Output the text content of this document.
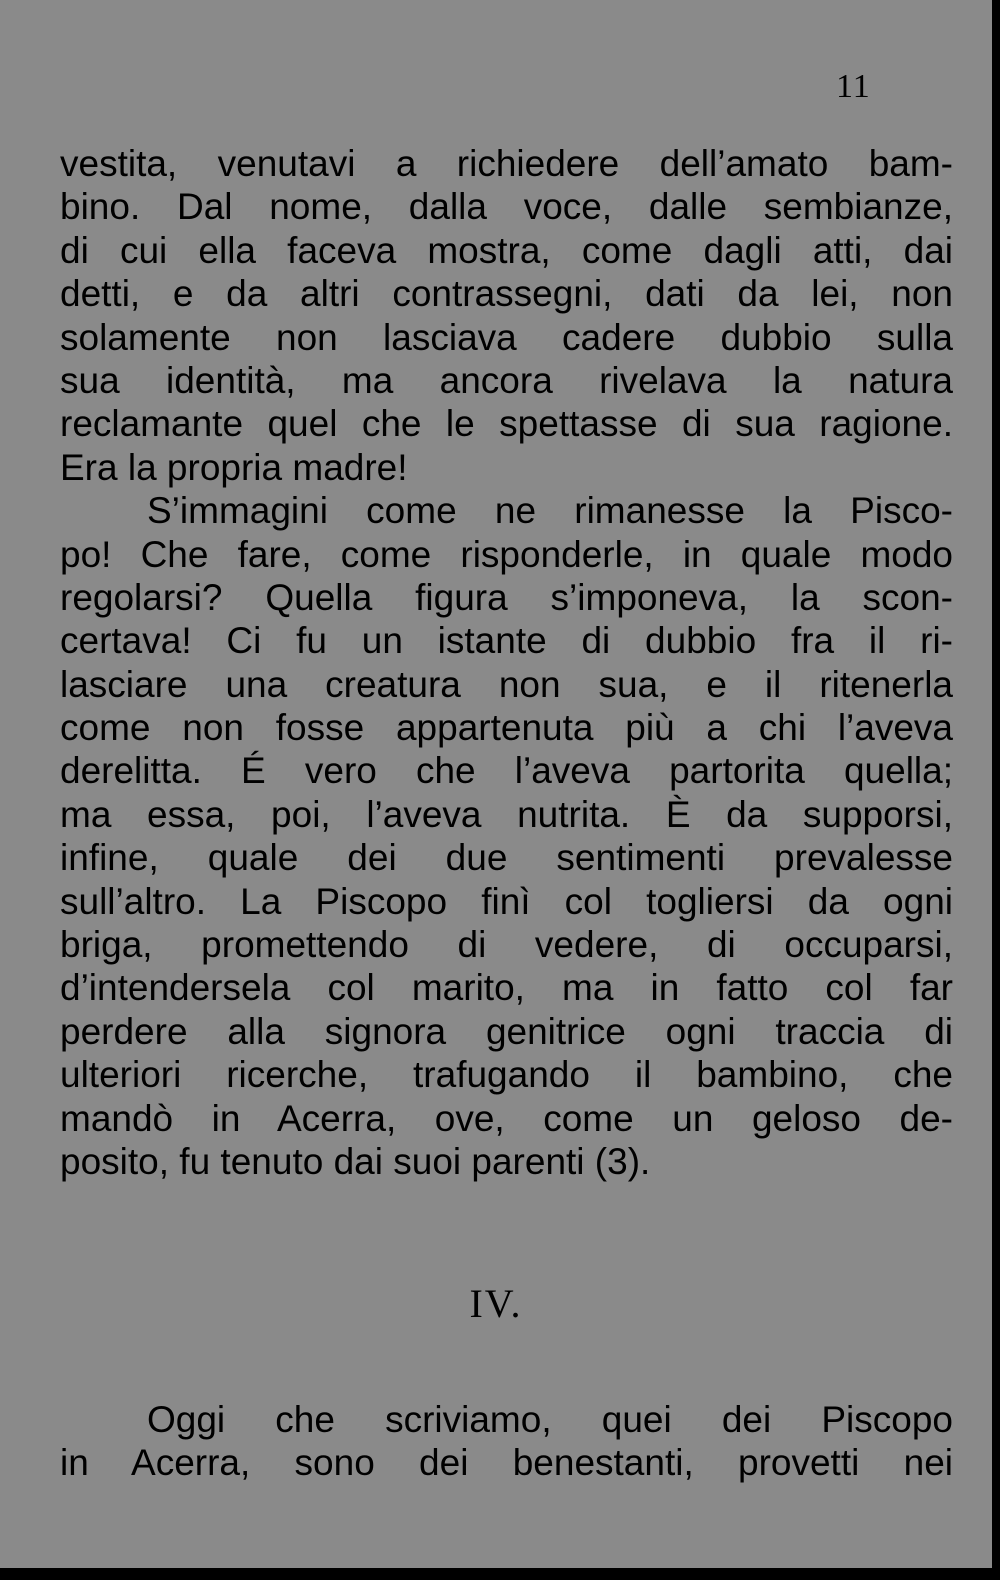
11
vestita, venutavi a richiedere dell’amato bam-
bino. Dal nome, dalla voce, dalle sembianze,
di cui ella faceva mostra, come dagli atti, dai
detti, e da altri contrassegni, dati da lei, non
solamente non lasciava cadere dubbio sulla
sua identità, ma ancora rivelava la natura
reclamante quel che le spettasse di sua ragione.
Era la propria madre!
S’immagini come ne rimanesse la Pisco-
po! Che fare, come risponderle, in quale modo
regolarsi? Quella figura s’imponeva, la scon-
certava! Ci fu un istante di dubbio fra il ri-
lasciare una creatura non sua, e il ritenerla
come non fosse appartenuta più a chi l’aveva
derelitta. É vero che l’aveva partorita quella;
ma essa, poi, l’aveva nutrita. È da supporsi,
infine, quale dei due sentimenti prevalesse
sull’altro. La Piscopo finì col togliersi da ogni
briga, promettendo di vedere, di occuparsi,
d’intendersela col marito, ma in fatto col far
perdere alla signora genitrice ogni traccia di
ulteriori ricerche, trafugando il bambino, che
mandò in Acerra, ove, come un geloso de-
posito, fu tenuto dai suoi parenti (3).
IV.
Oggi che scriviamo, quei dei Piscopo
in Acerra, sono dei benestanti, provetti nei
